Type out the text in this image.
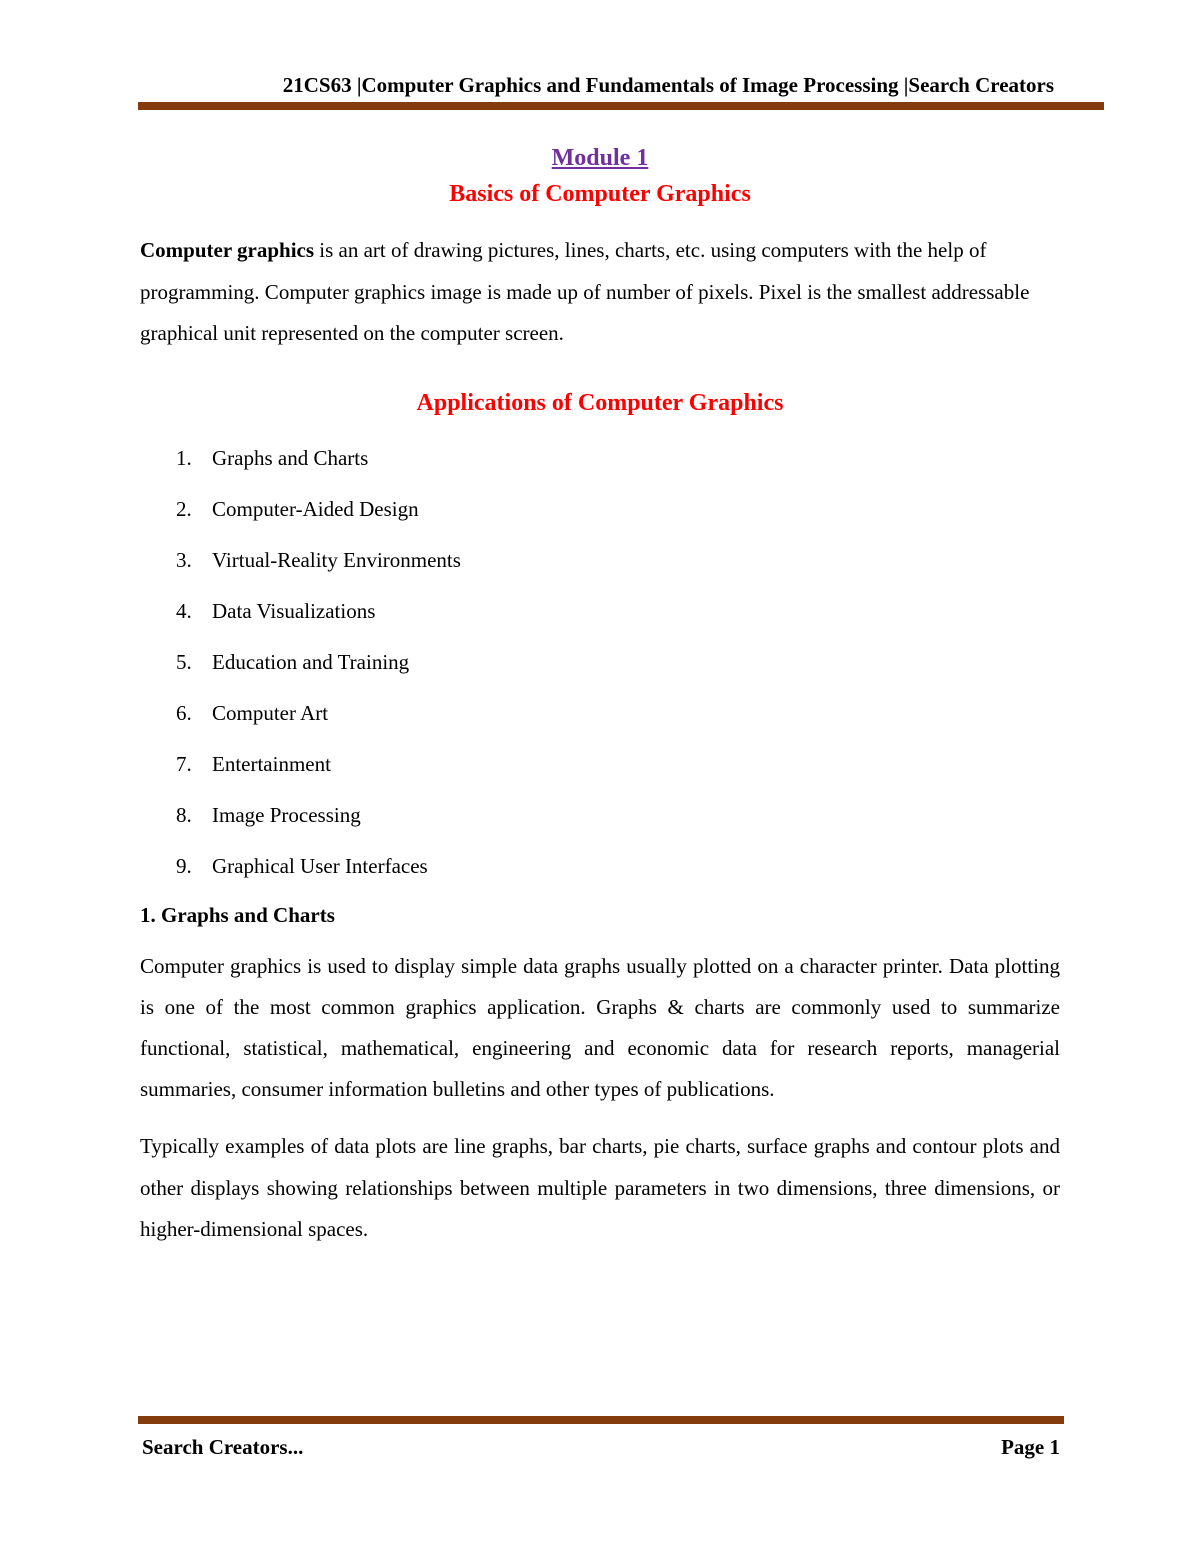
21CS63 |Computer Graphics and Fundamentals of Image Processing |Search Creators

Module 1

Basics of Computer Graphics

Computer graphics is an art of drawing pictures, lines, charts, etc. using computers with the help of programming. Computer graphics image is made up of number of pixels. Pixel is the smallest addressable graphical unit represented on the computer screen.

Applications of Computer Graphics

1. Graphs and Charts
2. Computer-Aided Design
3. Virtual-Reality Environments
4. Data Visualizations
5. Education and Training
6. Computer Art
7. Entertainment
8. Image Processing
9. Graphical User Interfaces

1. Graphs and Charts

Computer graphics is used to display simple data graphs usually plotted on a character printer. Data plotting is one of the most common graphics application. Graphs & charts are commonly used to summarize functional, statistical, mathematical, engineering and economic data for research reports, managerial summaries, consumer information bulletins and other types of publications.

Typically examples of data plots are line graphs, bar charts, pie charts, surface graphs and contour plots and other displays showing relationships between multiple parameters in two dimensions, three dimensions, or higher-dimensional spaces.

Search Creators...	Page 1
